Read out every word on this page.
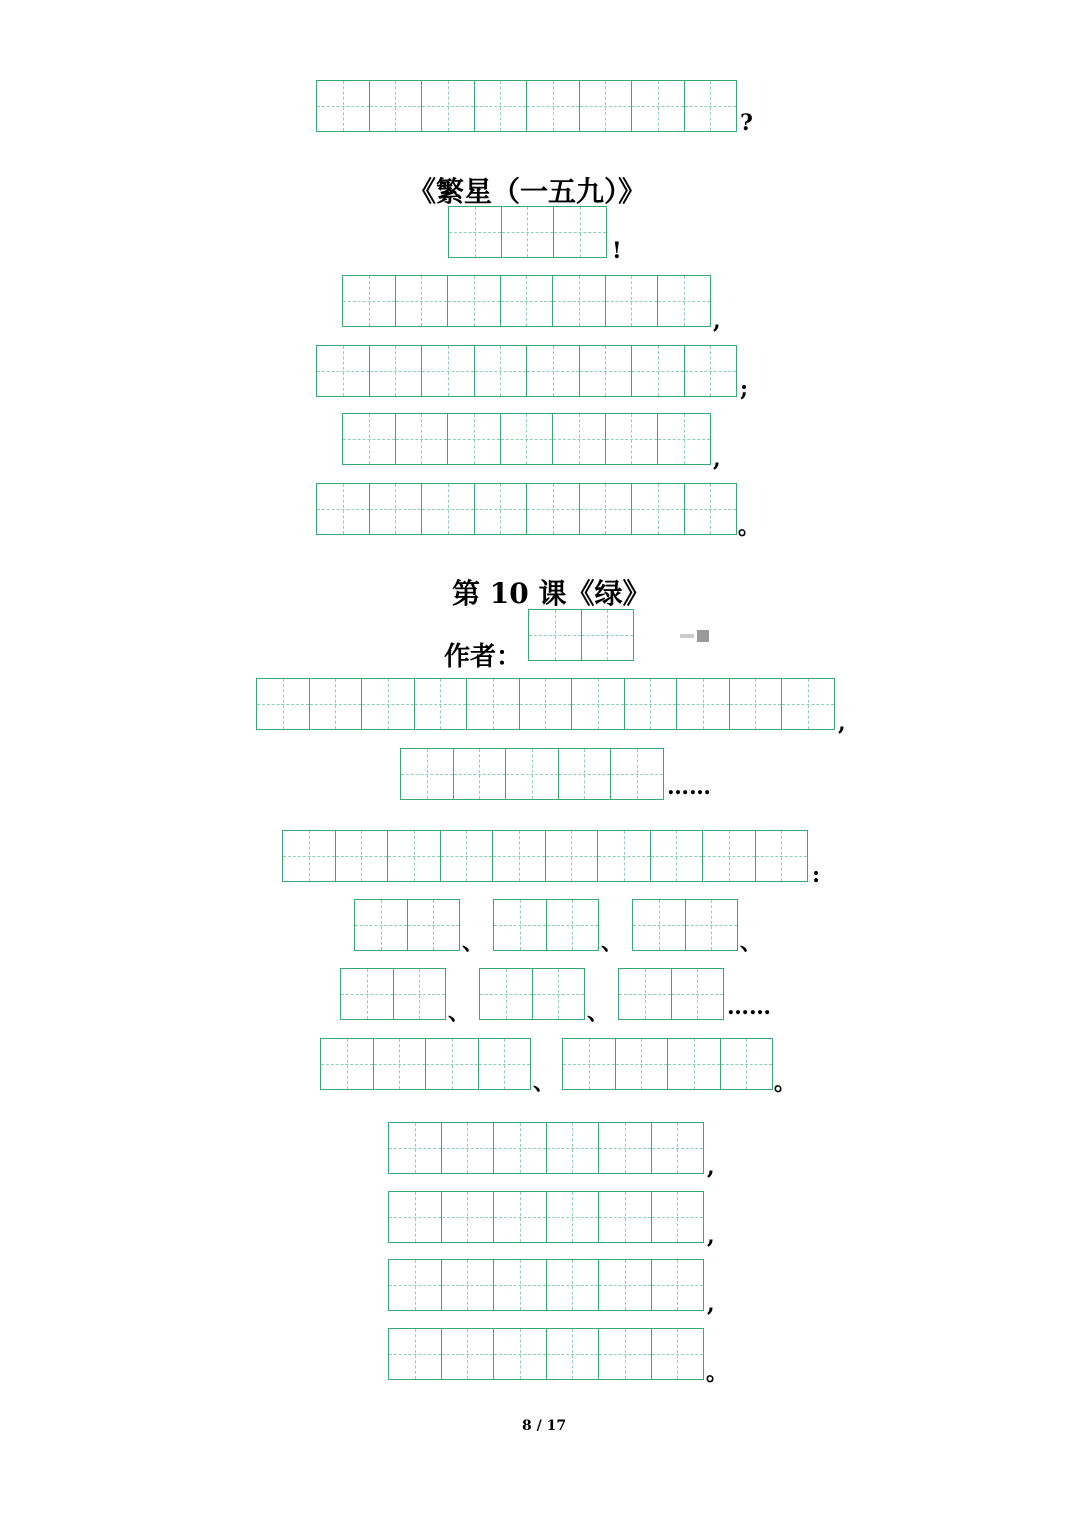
?
《繁星（一五九）》
!
,
;
,
。
第 10 课《绿》
作者：
,
……
:
、	、	、
、	、	……
、	。
,
,
,
。
8 / 17
